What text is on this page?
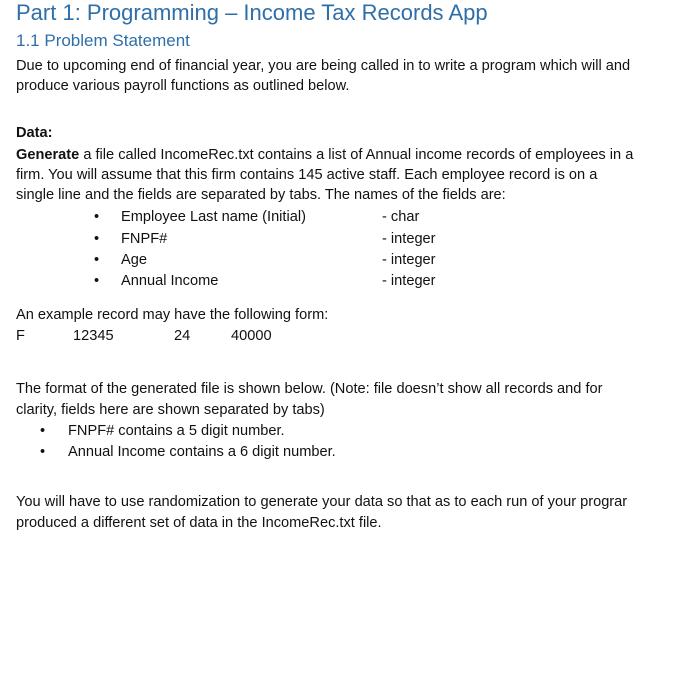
Part 1: Programming – Income Tax Records App
1.1 Problem Statement
Due to upcoming end of financial year, you are being called in to write a program which will and
produce various payroll functions as outlined below.
Data:
Generate a file called IncomeRec.txt contains a list of Annual income records of employees in a
firm. You will assume that this firm contains 145 active staff. Each employee record is on a
single line and the fields are separated by tabs. The names of the fields are:
• Employee Last name (Initial)	- char
• FNPF#	- integer
• Age	- integer
• Annual Income	- integer
An example record may have the following form:
F	12345	24	40000
The format of the generated file is shown below. (Note: file doesn’t show all records and for
clarity, fields here are shown separated by tabs)
• FNPF# contains a 5 digit number.
• Annual Income contains a 6 digit number.
You will have to use randomization to generate your data so that as to each run of your prograr
produced a different set of data in the IncomeRec.txt file.
